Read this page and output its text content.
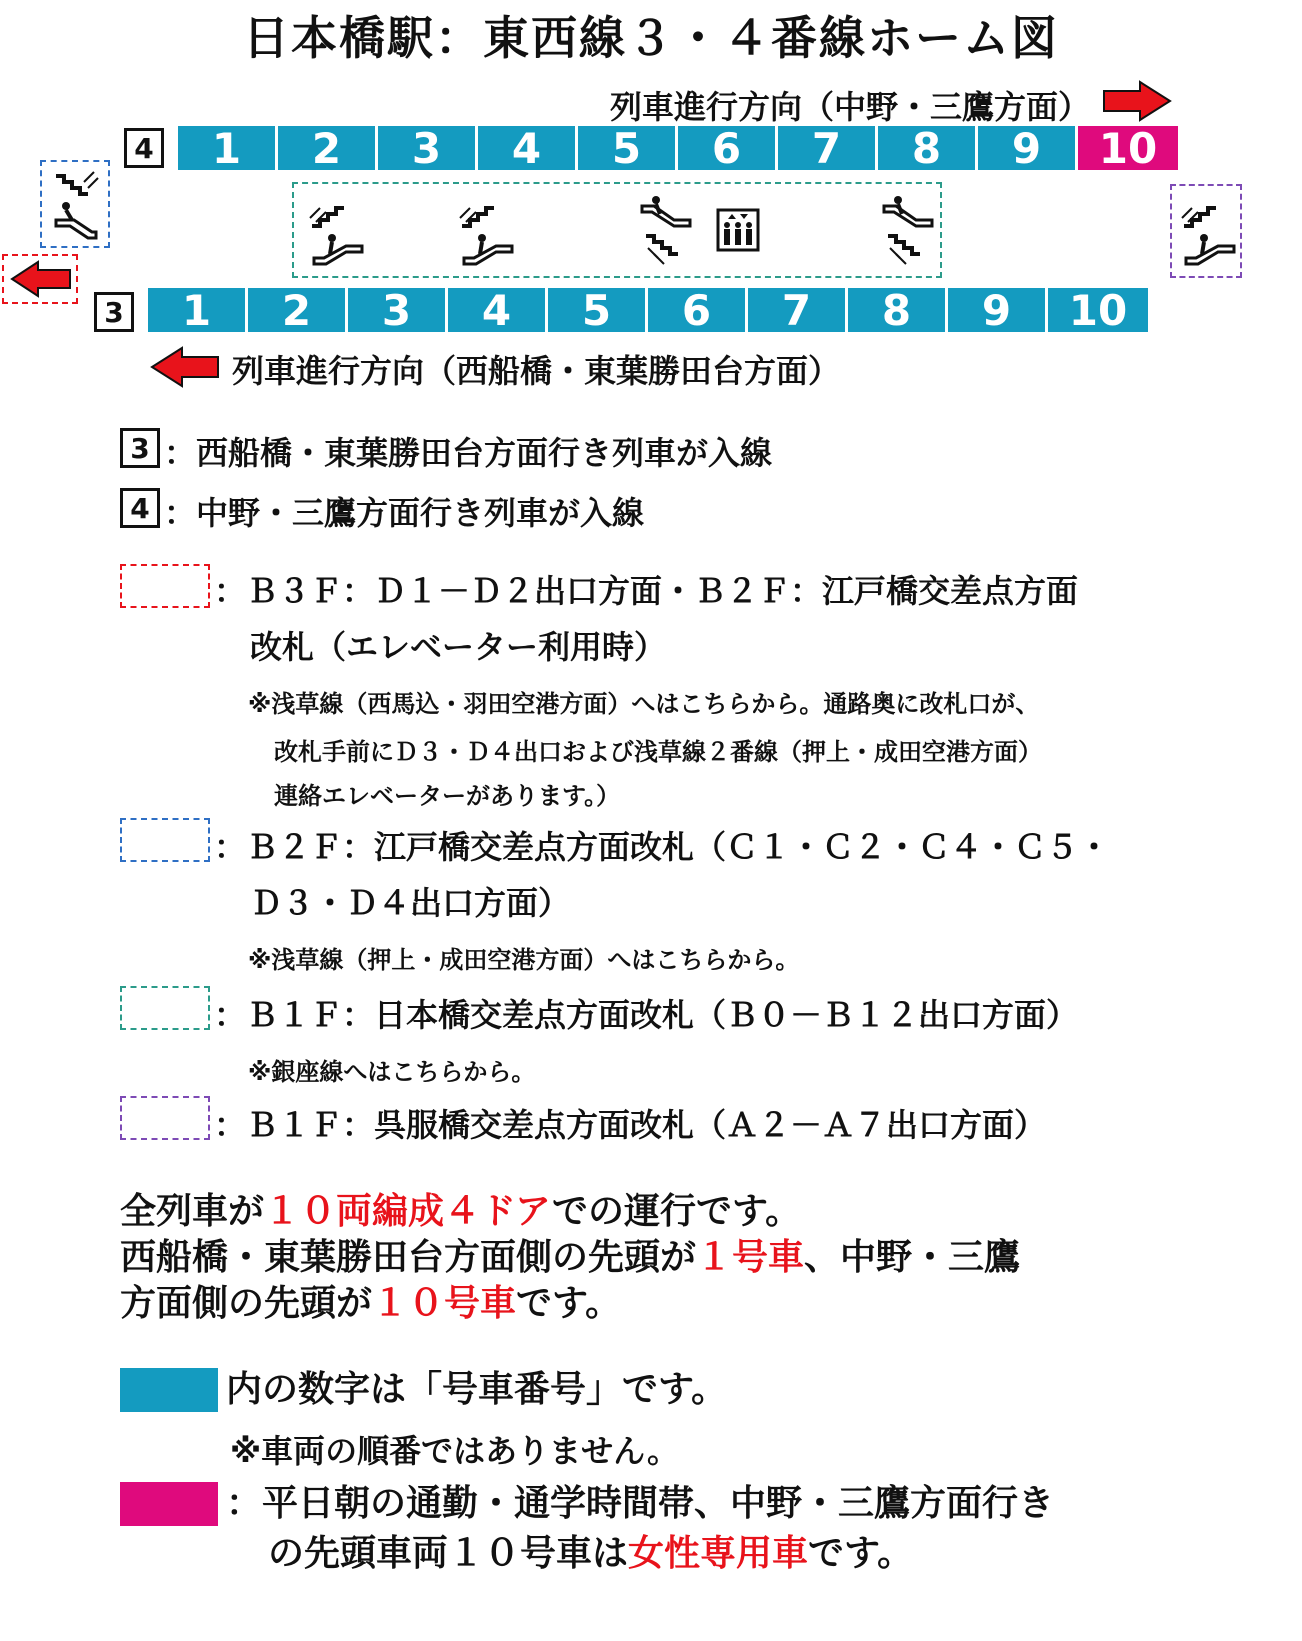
日本橋駅：東西線３・４番線ホーム図
列車進行方向（中野・三鷹方面）
4	1	2	3	4	5	6	7	8	9	10
3	1	2	3	4	5	6	7	8	9	10
列車進行方向（西船橋・東葉勝田台方面）
3 ：西船橋・東葉勝田台方面行き列車が入線
4 ：中野・三鷹方面行き列車が入線
：Ｂ３Ｆ：Ｄ１－Ｄ２出口方面・Ｂ２Ｆ：江戸橋交差点方面
改札（エレベーター利用時）
※浅草線（西馬込・羽田空港方面）へはこちらから。通路奥に改札口が、
改札手前にＤ３・Ｄ４出口および浅草線２番線（押上・成田空港方面）
連絡エレベーターがあります。）
：Ｂ２Ｆ：江戸橋交差点方面改札（Ｃ１・Ｃ２・Ｃ４・Ｃ５・
Ｄ３・Ｄ４出口方面）
※浅草線（押上・成田空港方面）へはこちらから。
：Ｂ１Ｆ：日本橋交差点方面改札（Ｂ０－Ｂ１２出口方面）
※銀座線へはこちらから。
：Ｂ１Ｆ：呉服橋交差点方面改札（Ａ２－Ａ７出口方面）
全列車が１０両編成４ドアでの運行です。
西船橋・東葉勝田台方面側の先頭が１号車、中野・三鷹
方面側の先頭が１０号車です。
内の数字は「号車番号」です。
※車両の順番ではありません。
：平日朝の通勤・通学時間帯、中野・三鷹方面行き
の先頭車両１０号車は女性専用車です。
